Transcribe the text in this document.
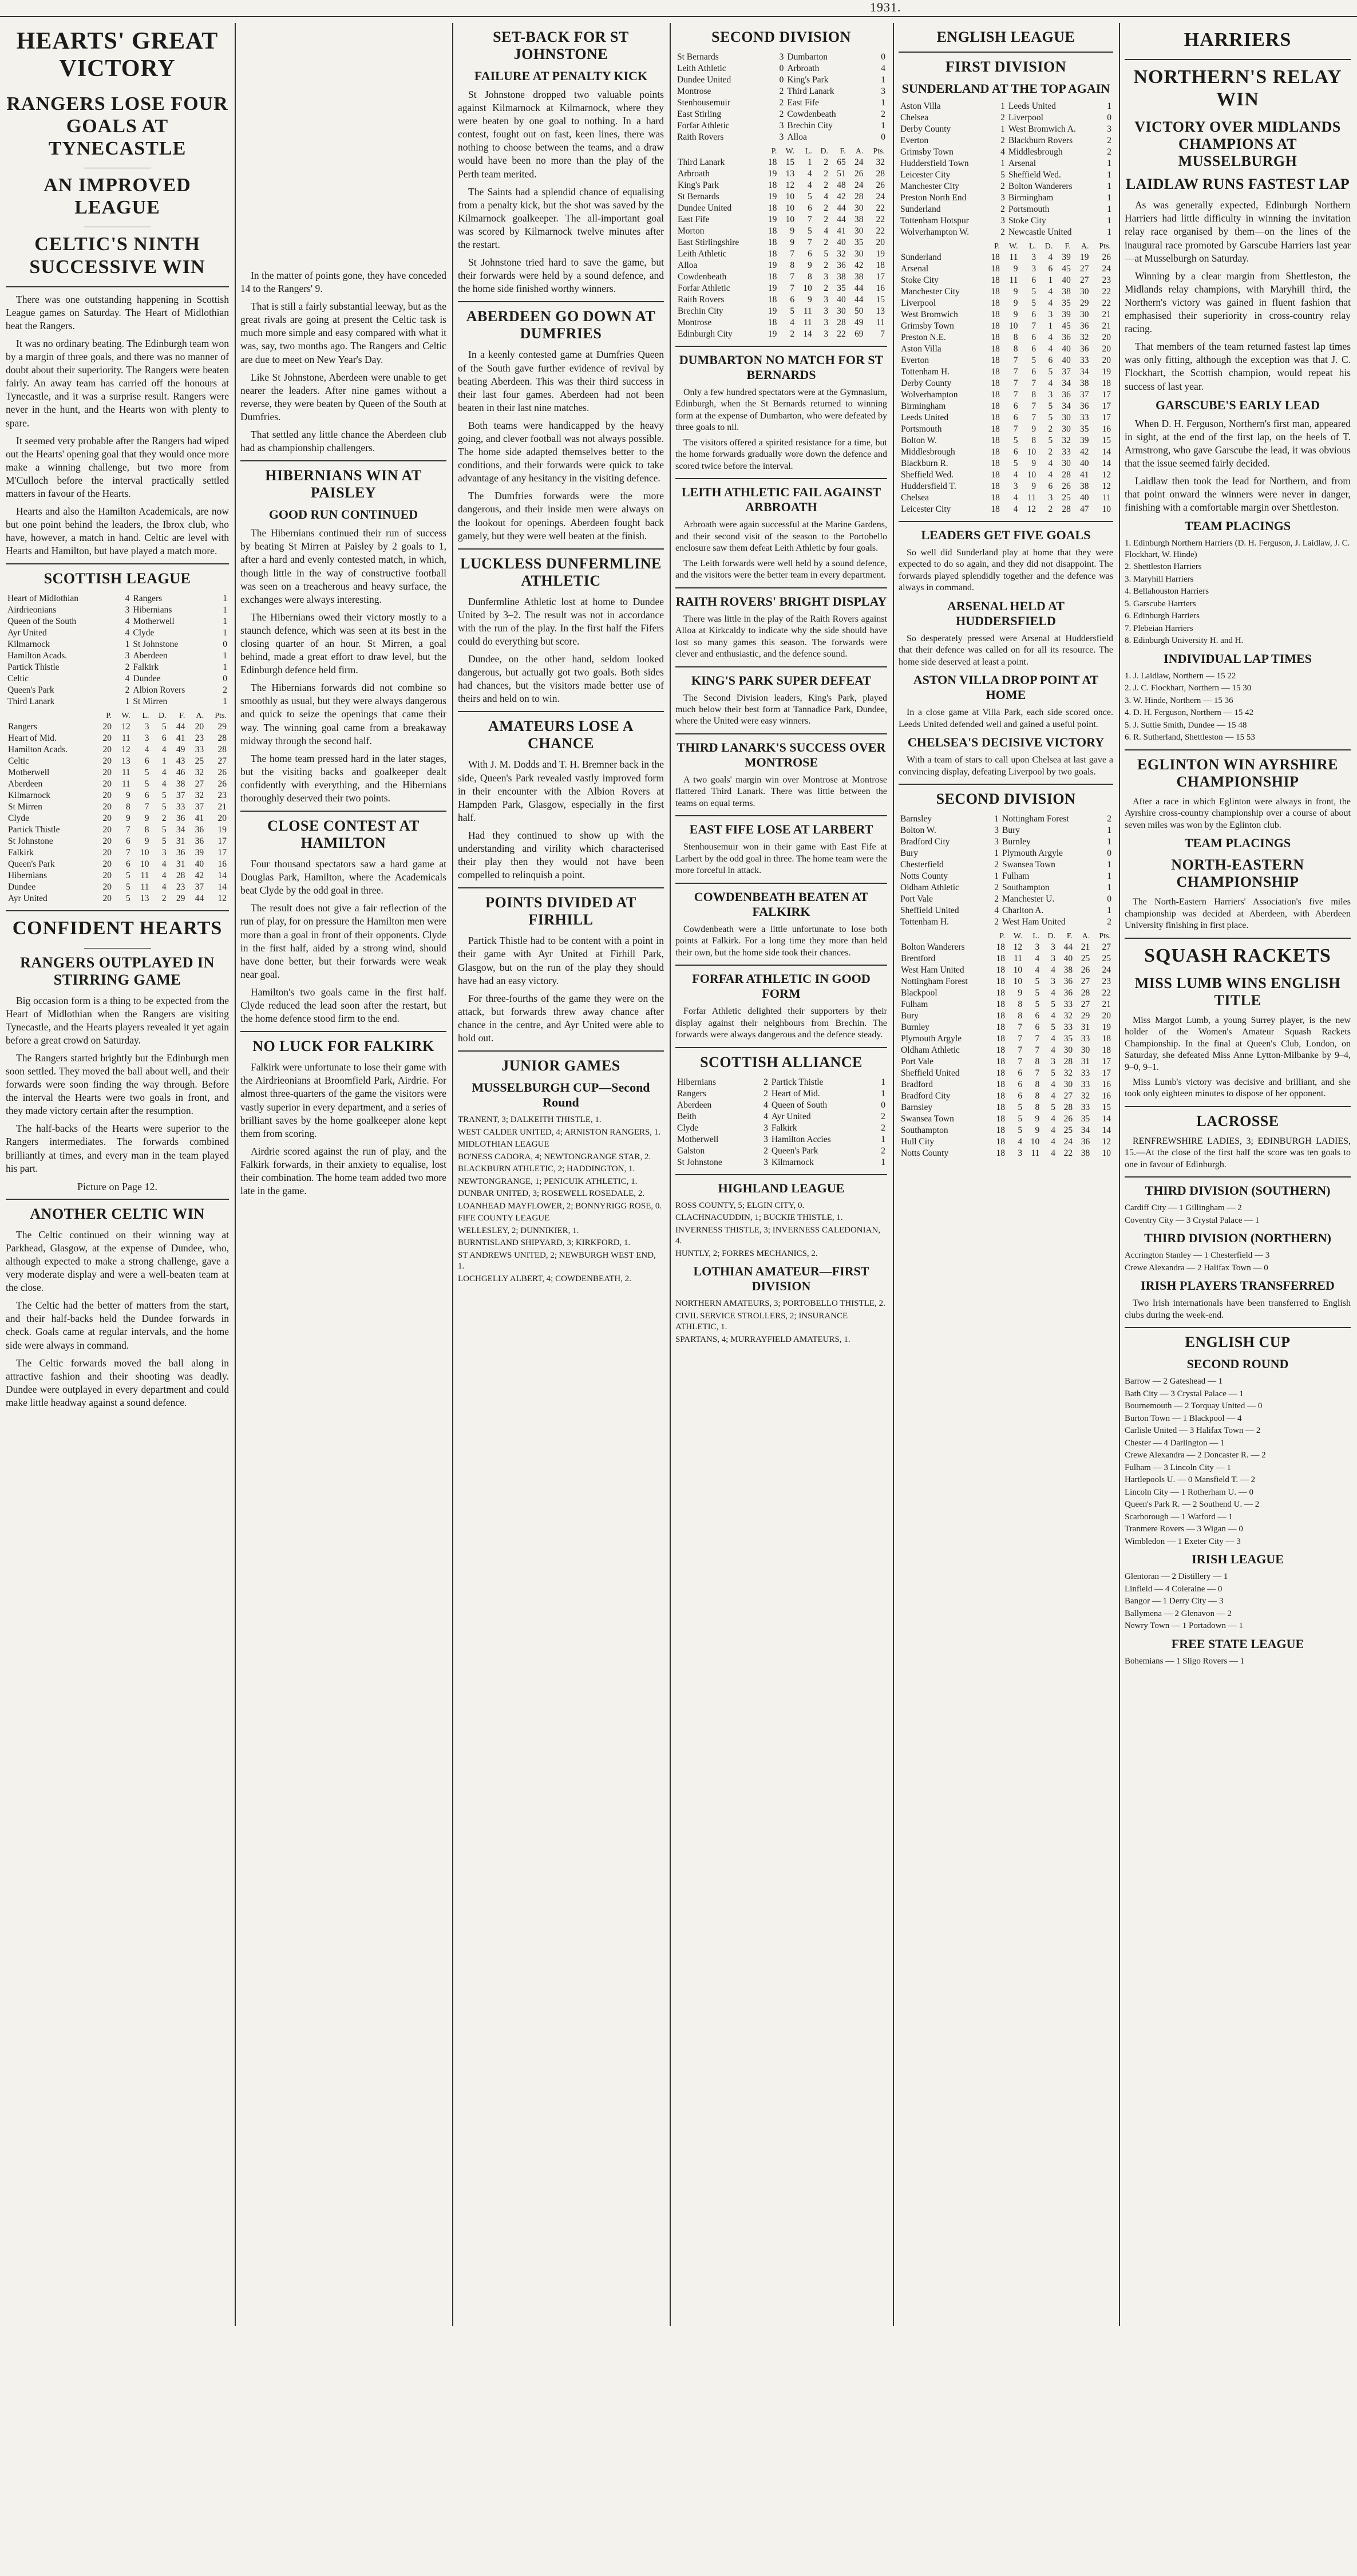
1931.
HEARTS' GREAT VICTORY
RANGERS LOSE FOUR GOALS AT TYNECASTLE
AN IMPROVED LEAGUE
CELTIC'S NINTH SUCCESSIVE WIN

There was one outstanding happening in Scottish League games on Saturday. The Heart of Midlothian beat the Rangers.

It was no ordinary beating. The Edinburgh team won by a margin of three goals, and there was no manner of doubt about their superiority. The Rangers were beaten fairly. An away team has carried off the honours at Tynecastle, and it was a surprise result. Rangers were never in the hunt, and the Hearts won with plenty to spare.

It seemed very probable after the Rangers had wiped out the Hearts' opening goal that they would once more make a winning challenge, but two more from M'Culloch before the interval practically settled matters in favour of the Hearts.

Hearts and also the Hamilton Academicals, are now but one point behind the leaders, the Ibrox club, who have, however, a match in hand. Celtic are level with Hearts and Hamilton, but have played a match more.

SCOTTISH LEAGUE
Heart of Midlothian	4	Rangers	1
Airdrieonians	3	Hibernians	1
Queen of the South	4	Motherwell	1
Ayr United	4	Clyde	1
Kilmarnock	1	St Johnstone	0
Hamilton Acads.	3	Aberdeen	1
Partick Thistle	2	Falkirk	1
Celtic	4	Dundee	0
Queen's Park	2	Albion Rovers	2
Third Lanark	1	St Mirren	1
	P.	W.	L.	D.	F.	A.	Pts.
Rangers	20	12	3	5	44	20	29
Heart of Mid.	20	11	3	6	41	23	28
Hamilton Acads.	20	12	4	4	49	33	28
Celtic	20	13	6	1	43	25	27
Motherwell	20	11	5	4	46	32	26
Aberdeen	20	11	5	4	38	27	26
Kilmarnock	20	9	6	5	37	32	23
St Mirren	20	8	7	5	33	37	21
Clyde	20	9	9	2	36	41	20
Partick Thistle	20	7	8	5	34	36	19
St Johnstone	20	6	9	5	31	36	17
Falkirk	20	7	10	3	36	39	17
Queen's Park	20	6	10	4	31	40	16
Hibernians	20	5	11	4	28	42	14
Dundee	20	5	11	4	23	37	14
Ayr United	20	5	13	2	29	44	12
CONFIDENT HEARTS
RANGERS OUTPLAYED IN STIRRING GAME

Big occasion form is a thing to be expected from the Heart of Midlothian when the Rangers are visiting Tynecastle, and the Hearts players revealed it yet again before a great crowd on Saturday.

The Rangers started brightly but the Edinburgh men soon settled. They moved the ball about well, and their forwards were soon finding the way through. Before the interval the Hearts were two goals in front, and they made victory certain after the resumption.

The half-backs of the Hearts were superior to the Rangers intermediates. The forwards combined brilliantly at times, and every man in the team played his part.

Picture on Page 12.
ANOTHER CELTIC WIN

The Celtic continued on their winning way at Parkhead, Glasgow, at the expense of Dundee, who, although expected to make a strong challenge, gave a very moderate display and were a well-beaten team at the close.

The Celtic had the better of matters from the start, and their half-backs held the Dundee forwards in check. Goals came at regular intervals, and the home side were always in command.

The Celtic forwards moved the ball along in attractive fashion and their shooting was deadly. Dundee were outplayed in every department and could make little headway against a sound defence.

In the matter of points gone, they have conceded 14 to the Rangers' 9.

That is still a fairly substantial leeway, but as the great rivals are going at present the Celtic task is much more simple and easy compared with what it was, say, two months ago. The Rangers and Celtic are due to meet on New Year's Day.

Like St Johnstone, Aberdeen were unable to get nearer the leaders. After nine games without a reverse, they were beaten by Queen of the South at Dumfries.

That settled any little chance the Aberdeen club had as championship challengers.

HIBERNIANS WIN AT PAISLEY
GOOD RUN CONTINUED

The Hibernians continued their run of success by beating St Mirren at Paisley by 2 goals to 1, after a hard and evenly contested match, in which, though little in the way of constructive football was seen on a treacherous and heavy surface, the exchanges were always interesting.

The Hibernians owed their victory mostly to a staunch defence, which was seen at its best in the closing quarter of an hour. St Mirren, a goal behind, made a great effort to draw level, but the Edinburgh defence held firm.

The Hibernians forwards did not combine so smoothly as usual, but they were always dangerous and quick to seize the openings that came their way. The winning goal came from a breakaway midway through the second half.

The home team pressed hard in the later stages, but the visiting backs and goalkeeper dealt confidently with everything, and the Hibernians thoroughly deserved their two points.

CLOSE CONTEST AT HAMILTON

Four thousand spectators saw a hard game at Douglas Park, Hamilton, where the Academicals beat Clyde by the odd goal in three.

The result does not give a fair reflection of the run of play, for on pressure the Hamilton men were more than a goal in front of their opponents. Clyde in the first half, aided by a strong wind, should have done better, but their forwards were weak near goal.

Hamilton's two goals came in the first half. Clyde reduced the lead soon after the restart, but the home defence stood firm to the end.

NO LUCK FOR FALKIRK

Falkirk were unfortunate to lose their game with the Airdrieonians at Broomfield Park, Airdrie. For almost three-quarters of the game the visitors were vastly superior in every department, and a series of brilliant saves by the home goalkeeper alone kept them from scoring.

Airdrie scored against the run of play, and the Falkirk forwards, in their anxiety to equalise, lost their combination. The home team added two more late in the game.

SET-BACK FOR ST JOHNSTONE
FAILURE AT PENALTY KICK

St Johnstone dropped two valuable points against Kilmarnock at Kilmarnock, where they were beaten by one goal to nothing. In a hard contest, fought out on fast, keen lines, there was nothing to choose between the teams, and a draw would have been no more than the play of the Perth team merited.

The Saints had a splendid chance of equalising from a penalty kick, but the shot was saved by the Kilmarnock goalkeeper. The all-important goal was scored by Kilmarnock twelve minutes after the restart.

St Johnstone tried hard to save the game, but their forwards were held by a sound defence, and the home side finished worthy winners.

ABERDEEN GO DOWN AT DUMFRIES

In a keenly contested game at Dumfries Queen of the South gave further evidence of revival by beating Aberdeen. This was their third success in their last four games. Aberdeen had not been beaten in their last nine matches.

Both teams were handicapped by the heavy going, and clever football was not always possible. The home side adapted themselves better to the conditions, and their forwards were quick to take advantage of any hesitancy in the visiting defence.

The Dumfries forwards were the more dangerous, and their inside men were always on the lookout for openings. Aberdeen fought back gamely, but they were well beaten at the finish.

LUCKLESS DUNFERMLINE ATHLETIC

Dunfermline Athletic lost at home to Dundee United by 3–2. The result was not in accordance with the run of the play. In the first half the Fifers could do everything but score.

Dundee, on the other hand, seldom looked dangerous, but actually got two goals. Both sides had chances, but the visitors made better use of theirs and held on to win.

AMATEURS LOSE A CHANCE

With J. M. Dodds and T. H. Bremner back in the side, Queen's Park revealed vastly improved form in their encounter with the Albion Rovers at Hampden Park, Glasgow, especially in the first half.

Had they continued to show up with the understanding and virility which characterised their play then they would not have been compelled to relinquish a point.

POINTS DIVIDED AT FIRHILL

Partick Thistle had to be content with a point in their game with Ayr United at Firhill Park, Glasgow, but on the run of the play they should have had an easy victory.

For three-fourths of the game they were on the attack, but forwards threw away chance after chance in the centre, and Ayr United were able to hold out.

JUNIOR GAMES
MUSSELBURGH CUP—Second Round
TRANENT, 3; DALKEITH THISTLE, 1.
WEST CALDER UNITED, 4; ARNISTON RANGERS, 1.
MIDLOTHIAN LEAGUE
BO'NESS CADORA, 4; NEWTONGRANGE STAR, 2.
BLACKBURN ATHLETIC, 2; HADDINGTON, 1.
NEWTONGRANGE, 1; PENICUIK ATHLETIC, 1.
DUNBAR UNITED, 3; ROSEWELL ROSEDALE, 2.
LOANHEAD MAYFLOWER, 2; BONNYRIGG ROSE, 0.
FIFE COUNTY LEAGUE
WELLESLEY, 2; DUNNIKIER, 1.
BURNTISLAND SHIPYARD, 3; KIRKFORD, 1.
ST ANDREWS UNITED, 2; NEWBURGH WEST END, 1.
LOCHGELLY ALBERT, 4; COWDENBEATH, 2.
SECOND DIVISION
St Bernards	3	Dumbarton	0
Leith Athletic	0	Arbroath	4
Dundee United	0	King's Park	1
Montrose	2	Third Lanark	3
Stenhousemuir	2	East Fife	1
East Stirling	2	Cowdenbeath	2
Forfar Athletic	3	Brechin City	1
Raith Rovers	3	Alloa	0
	P.	W.	L.	D.	F.	A.	Pts.
Third Lanark	18	15	1	2	65	24	32
Arbroath	19	13	4	2	51	26	28
King's Park	18	12	4	2	48	24	26
St Bernards	19	10	5	4	42	28	24
Dundee United	18	10	6	2	44	30	22
East Fife	19	10	7	2	44	38	22
Morton	18	9	5	4	41	30	22
East Stirlingshire	18	9	7	2	40	35	20
Leith Athletic	18	7	6	5	32	30	19
Alloa	19	8	9	2	36	42	18
Cowdenbeath	18	7	8	3	38	38	17
Forfar Athletic	19	7	10	2	35	44	16
Raith Rovers	18	6	9	3	40	44	15
Brechin City	19	5	11	3	30	50	13
Montrose	18	4	11	3	28	49	11
Edinburgh City	19	2	14	3	22	69	7
DUMBARTON NO MATCH FOR ST BERNARDS

Only a few hundred spectators were at the Gymnasium, Edinburgh, when the St Bernards returned to winning form at the expense of Dumbarton, who were defeated by three goals to nil.

The visitors offered a spirited resistance for a time, but the home forwards gradually wore down the defence and scored twice before the interval.

LEITH ATHLETIC FAIL AGAINST ARBROATH

Arbroath were again successful at the Marine Gardens, and their second visit of the season to the Portobello enclosure saw them defeat Leith Athletic by four goals.

The Leith forwards were well held by a sound defence, and the visitors were the better team in every department.

RAITH ROVERS' BRIGHT DISPLAY

There was little in the play of the Raith Rovers against Alloa at Kirkcaldy to indicate why the side should have lost so many games this season. The forwards were clever and enthusiastic, and the defence sound.

KING'S PARK SUPER DEFEAT

The Second Division leaders, King's Park, played much below their best form at Tannadice Park, Dundee, where the United were easy winners.

THIRD LANARK'S SUCCESS OVER MONTROSE

A two goals' margin win over Montrose at Montrose flattered Third Lanark. There was little between the teams on equal terms.

EAST FIFE LOSE AT LARBERT

Stenhousemuir won in their game with East Fife at Larbert by the odd goal in three. The home team were the more forceful in attack.

COWDENBEATH BEATEN AT FALKIRK

Cowdenbeath were a little unfortunate to lose both points at Falkirk. For a long time they more than held their own, but the home side took their chances.

FORFAR ATHLETIC IN GOOD FORM

Forfar Athletic delighted their supporters by their display against their neighbours from Brechin. The forwards were always dangerous and the defence steady.

SCOTTISH ALLIANCE
Hibernians	2	Partick Thistle	1
Rangers	2	Heart of Mid.	1
Aberdeen	4	Queen of South	0
Beith	4	Ayr United	2
Clyde	3	Falkirk	2
Motherwell	3	Hamilton Accies	1
Galston	2	Queen's Park	2
St Johnstone	3	Kilmarnock	1
HIGHLAND LEAGUE
ROSS COUNTY, 5; ELGIN CITY, 0.
CLACHNACUDDIN, 1; BUCKIE THISTLE, 1.
INVERNESS THISTLE, 3; INVERNESS CALEDONIAN, 4.
HUNTLY, 2; FORRES MECHANICS, 2.
LOTHIAN AMATEUR—FIRST DIVISION
NORTHERN AMATEURS, 3; PORTOBELLO THISTLE, 2.
CIVIL SERVICE STROLLERS, 2; INSURANCE ATHLETIC, 1.
SPARTANS, 4; MURRAYFIELD AMATEURS, 1.
ENGLISH LEAGUE
FIRST DIVISION
SUNDERLAND AT THE TOP AGAIN
Aston Villa	1	Leeds United	1
Chelsea	2	Liverpool	0
Derby County	1	West Bromwich A.	3
Everton	2	Blackburn Rovers	2
Grimsby Town	4	Middlesbrough	2
Huddersfield Town	1	Arsenal	1
Leicester City	5	Sheffield Wed.	1
Manchester City	2	Bolton Wanderers	1
Preston North End	3	Birmingham	1
Sunderland	2	Portsmouth	1
Tottenham Hotspur	3	Stoke City	1
Wolverhampton W.	2	Newcastle United	1
	P.	W.	L.	D.	F.	A.	Pts.
Sunderland	18	11	3	4	39	19	26
Arsenal	18	9	3	6	45	27	24
Stoke City	18	11	6	1	40	27	23
Manchester City	18	9	5	4	38	30	22
Liverpool	18	9	5	4	35	29	22
West Bromwich	18	9	6	3	39	30	21
Grimsby Town	18	10	7	1	45	36	21
Preston N.E.	18	8	6	4	36	32	20
Aston Villa	18	8	6	4	40	36	20
Everton	18	7	5	6	40	33	20
Tottenham H.	18	7	6	5	37	34	19
Derby County	18	7	7	4	34	38	18
Wolverhampton	18	7	8	3	36	37	17
Birmingham	18	6	7	5	34	36	17
Leeds United	18	6	7	5	30	33	17
Portsmouth	18	7	9	2	30	35	16
Bolton W.	18	5	8	5	32	39	15
Middlesbrough	18	6	10	2	33	42	14
Blackburn R.	18	5	9	4	30	40	14
Sheffield Wed.	18	4	10	4	28	41	12
Huddersfield T.	18	3	9	6	26	38	12
Chelsea	18	4	11	3	25	40	11
Leicester City	18	4	12	2	28	47	10
LEADERS GET FIVE GOALS

So well did Sunderland play at home that they were expected to do so again, and they did not disappoint. The forwards played splendidly together and the defence was always in command.

ARSENAL HELD AT HUDDERSFIELD

So desperately pressed were Arsenal at Huddersfield that their defence was called on for all its resource. The home side deserved at least a point.

ASTON VILLA DROP POINT AT HOME

In a close game at Villa Park, each side scored once. Leeds United defended well and gained a useful point.

CHELSEA'S DECISIVE VICTORY

With a team of stars to call upon Chelsea at last gave a convincing display, defeating Liverpool by two goals.

SECOND DIVISION
Barnsley	1	Nottingham Forest	2
Bolton W.	3	Bury	1
Bradford City	3	Burnley	1
Bury	1	Plymouth Argyle	0
Chesterfield	2	Swansea Town	1
Notts County	1	Fulham	1
Oldham Athletic	2	Southampton	1
Port Vale	2	Manchester U.	0
Sheffield United	4	Charlton A.	1
Tottenham H.	2	West Ham United	2
	P.	W.	L.	D.	F.	A.	Pts.
Bolton Wanderers	18	12	3	3	44	21	27
Brentford	18	11	4	3	40	25	25
West Ham United	18	10	4	4	38	26	24
Nottingham Forest	18	10	5	3	36	27	23
Blackpool	18	9	5	4	36	28	22
Fulham	18	8	5	5	33	27	21
Bury	18	8	6	4	32	29	20
Burnley	18	7	6	5	33	31	19
Plymouth Argyle	18	7	7	4	35	33	18
Oldham Athletic	18	7	7	4	30	30	18
Port Vale	18	7	8	3	28	31	17
Sheffield United	18	6	7	5	32	33	17
Bradford	18	6	8	4	30	33	16
Bradford City	18	6	8	4	27	32	16
Barnsley	18	5	8	5	28	33	15
Swansea Town	18	5	9	4	26	35	14
Southampton	18	5	9	4	25	34	14
Hull City	18	4	10	4	24	36	12
Notts County	18	3	11	4	22	38	10
HARRIERS
NORTHERN'S RELAY WIN
VICTORY OVER MIDLANDS CHAMPIONS AT MUSSELBURGH
LAIDLAW RUNS FASTEST LAP

As was generally expected, Edinburgh Northern Harriers had little difficulty in winning the invitation relay race organised by them—on the lines of the inaugural race promoted by Garscube Harriers last year—at Musselburgh on Saturday.

Winning by a clear margin from Shettleston, the Midlands relay champions, with Maryhill third, the Northern's victory was gained in fluent fashion that emphasised their superiority in cross-country relay racing.

That members of the team returned fastest lap times was only fitting, although the exception was that J. C. Flockhart, the Scottish champion, would repeat his success of last year.

GARSCUBE'S EARLY LEAD

When D. H. Ferguson, Northern's first man, appeared in sight, at the end of the first lap, on the heels of T. Armstrong, who gave Garscube the lead, it was obvious that the issue seemed fairly decided.

Laidlaw then took the lead for Northern, and from that point onward the winners were never in danger, finishing with a comfortable margin over Shettleston.

TEAM PLACINGS
1. Edinburgh Northern Harriers (D. H. Ferguson, J. Laidlaw, J. C. Flockhart, W. Hinde)
2. Shettleston Harriers
3. Maryhill Harriers
4. Bellahouston Harriers
5. Garscube Harriers
6. Edinburgh Harriers
7. Plebeian Harriers
8. Edinburgh University H. and H.
INDIVIDUAL LAP TIMES
1. J. Laidlaw, Northern — 15 22
2. J. C. Flockhart, Northern — 15 30
3. W. Hinde, Northern — 15 36
4. D. H. Ferguson, Northern — 15 42
5. J. Suttie Smith, Dundee — 15 48
6. R. Sutherland, Shettleston — 15 53
EGLINTON WIN AYRSHIRE CHAMPIONSHIP

After a race in which Eglinton were always in front, the Ayrshire cross-country championship over a course of about seven miles was won by the Eglinton club.

TEAM PLACINGS
NORTH-EASTERN CHAMPIONSHIP

The North-Eastern Harriers' Association's five miles championship was decided at Aberdeen, with Aberdeen University finishing in first place.

SQUASH RACKETS
MISS LUMB WINS ENGLISH TITLE

Miss Margot Lumb, a young Surrey player, is the new holder of the Women's Amateur Squash Rackets Championship. In the final at Queen's Club, London, on Saturday, she defeated Miss Anne Lytton-Milbanke by 9–4, 9–0, 9–1.

Miss Lumb's victory was decisive and brilliant, and she took only eighteen minutes to dispose of her opponent.

LACROSSE

RENFREWSHIRE LADIES, 3; EDINBURGH LADIES, 15.—At the close of the first half the score was ten goals to one in favour of Edinburgh.

THIRD DIVISION (SOUTHERN)
Cardiff City — 1 Gillingham — 2
Coventry City — 3 Crystal Palace — 1
THIRD DIVISION (NORTHERN)
Accrington Stanley — 1 Chesterfield — 3
Crewe Alexandra — 2 Halifax Town — 0
IRISH PLAYERS TRANSFERRED

Two Irish internationals have been transferred to English clubs during the week-end.

ENGLISH CUP
SECOND ROUND
Barrow — 2 Gateshead — 1
Bath City — 3 Crystal Palace — 1
Bournemouth — 2 Torquay United — 0
Burton Town — 1 Blackpool — 4
Carlisle United — 3 Halifax Town — 2
Chester — 4 Darlington — 1
Crewe Alexandra — 2 Doncaster R. — 2
Fulham — 3 Lincoln City — 1
Hartlepools U. — 0 Mansfield T. — 2
Lincoln City — 1 Rotherham U. — 0
Queen's Park R. — 2 Southend U. — 2
Scarborough — 1 Watford — 1
Tranmere Rovers — 3 Wigan — 0
Wimbledon — 1 Exeter City — 3
IRISH LEAGUE
Glentoran — 2 Distillery — 1
Linfield — 4 Coleraine — 0
Bangor — 1 Derry City — 3
Ballymena — 2 Glenavon — 2
Newry Town — 1 Portadown — 1
FREE STATE LEAGUE
Bohemians — 1 Sligo Rovers — 1
